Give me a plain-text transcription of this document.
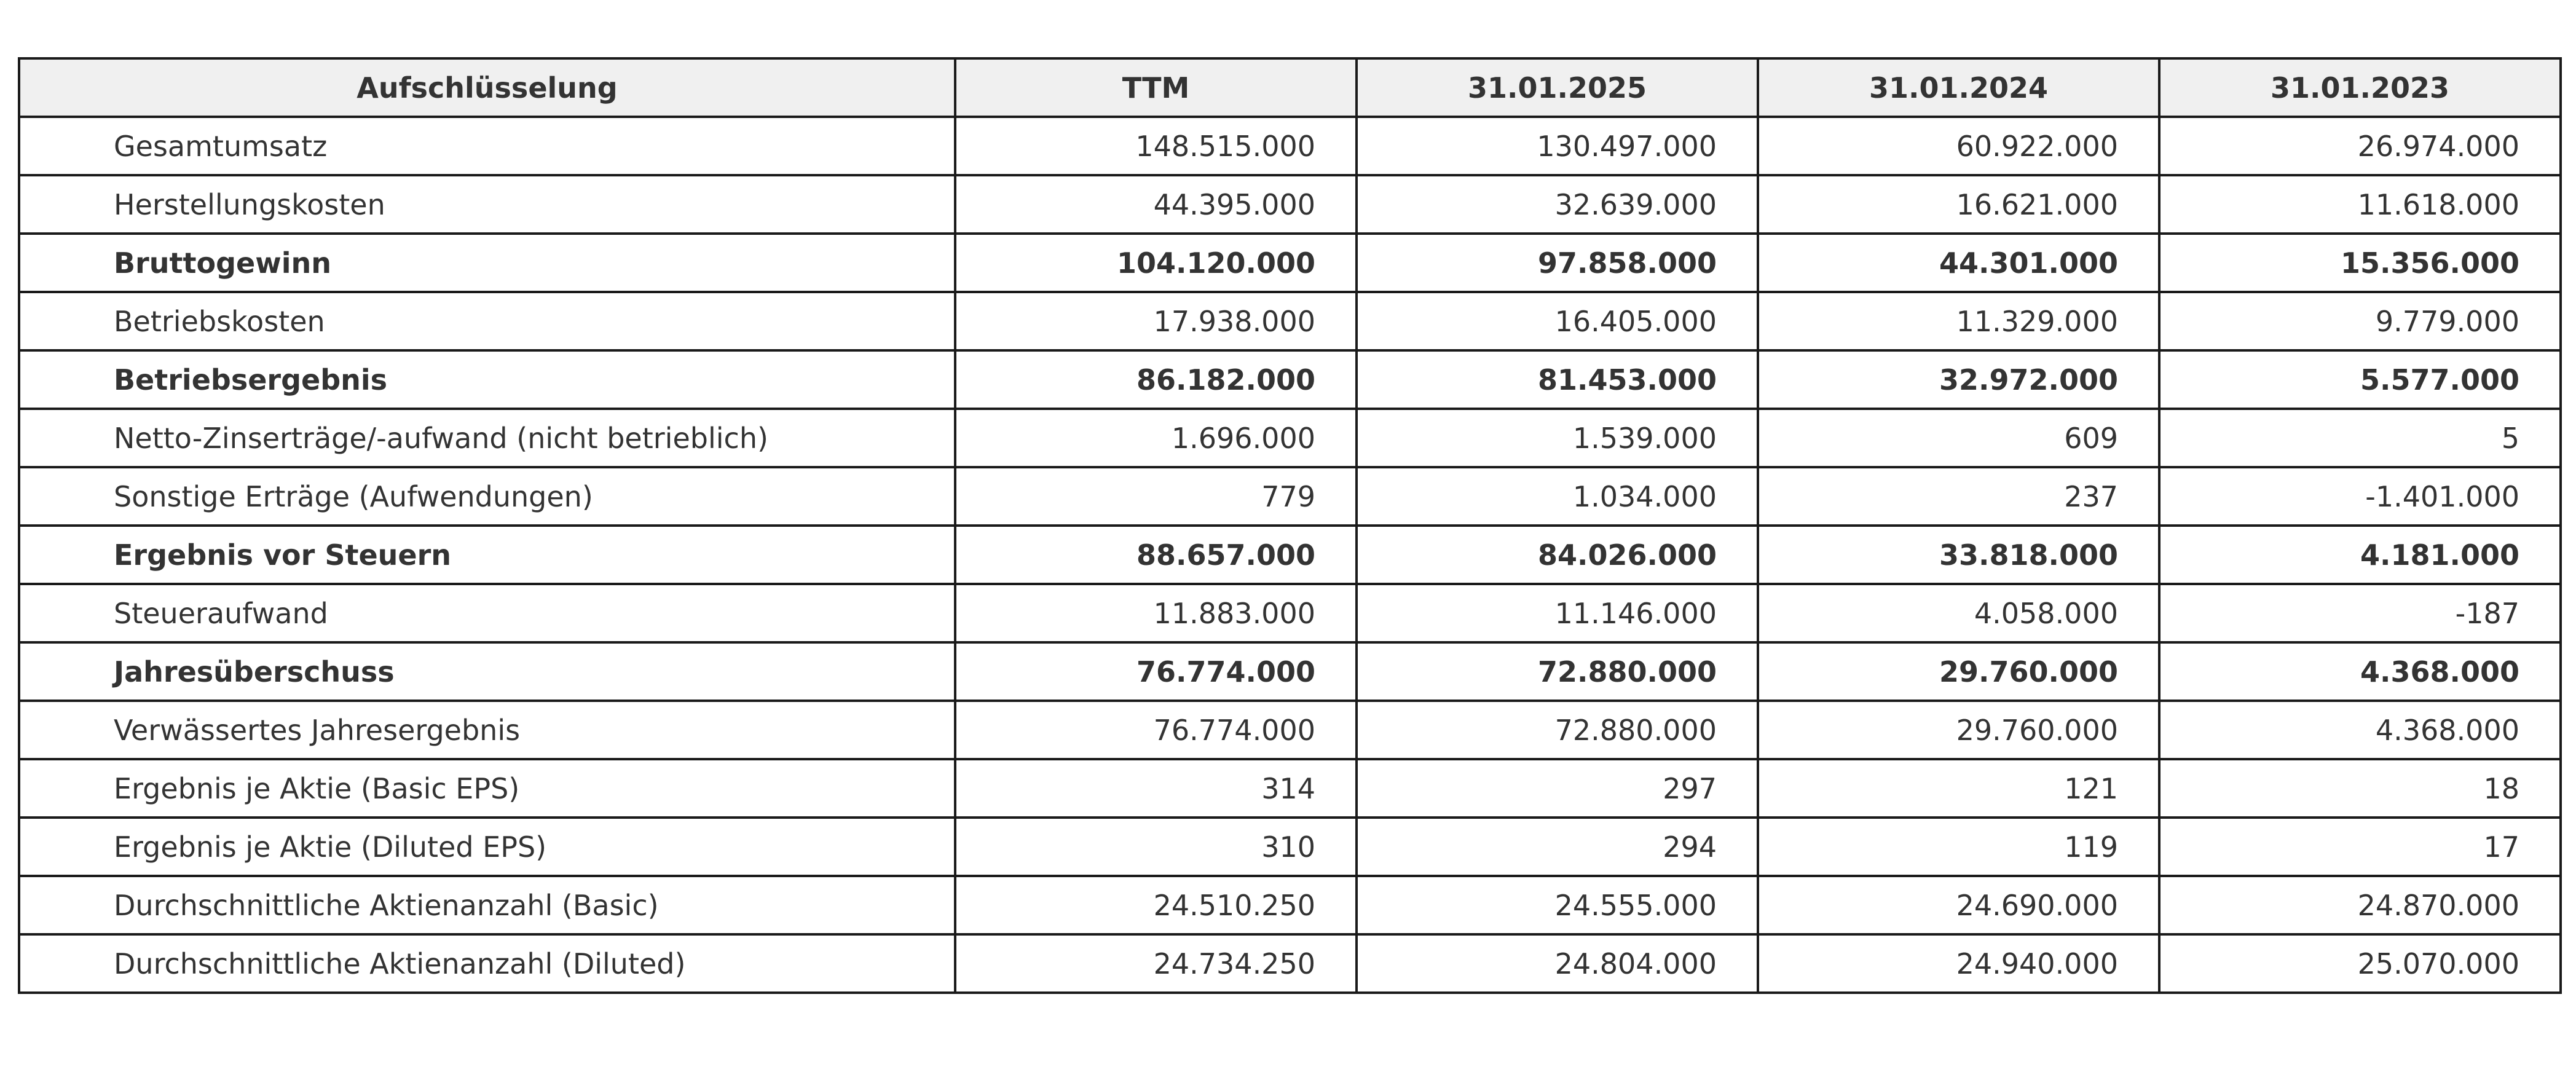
Aufschlüsselung	TTM	31.01.2025	31.01.2024	31.01.2023
Gesamtumsatz	148.515.000	130.497.000	60.922.000	26.974.000
Herstellungskosten	44.395.000	32.639.000	16.621.000	11.618.000
Bruttogewinn	104.120.000	97.858.000	44.301.000	15.356.000
Betriebskosten	17.938.000	16.405.000	11.329.000	9.779.000
Betriebsergebnis	86.182.000	81.453.000	32.972.000	5.577.000
Netto-Zinserträge/-aufwand (nicht betrieblich)	1.696.000	1.539.000	609	5
Sonstige Erträge (Aufwendungen)	779	1.034.000	237	-1.401.000
Ergebnis vor Steuern	88.657.000	84.026.000	33.818.000	4.181.000
Steueraufwand	11.883.000	11.146.000	4.058.000	-187
Jahresüberschuss	76.774.000	72.880.000	29.760.000	4.368.000
Verwässertes Jahresergebnis	76.774.000	72.880.000	29.760.000	4.368.000
Ergebnis je Aktie (Basic EPS)	314	297	121	18
Ergebnis je Aktie (Diluted EPS)	310	294	119	17
Durchschnittliche Aktienanzahl (Basic)	24.510.250	24.555.000	24.690.000	24.870.000
Durchschnittliche Aktienanzahl (Diluted)	24.734.250	24.804.000	24.940.000	25.070.000
